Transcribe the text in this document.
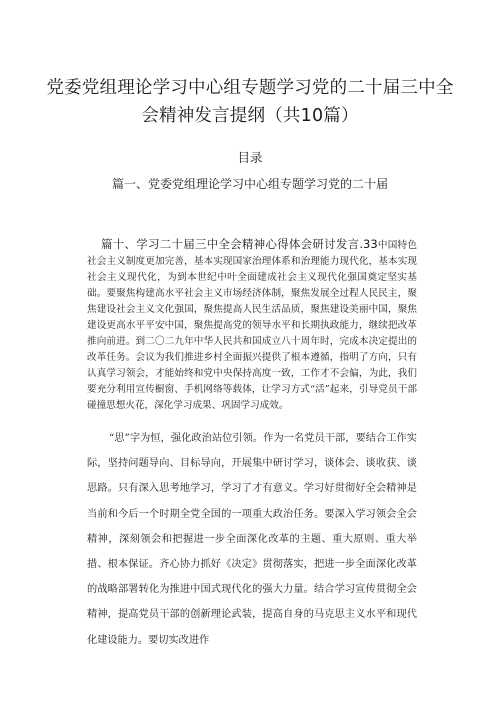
党委党组理论学习中心组专题学习党的二十届三中全会精神发言提纲（共10篇）
目录
篇一、党委党组理论学习中心组专题学习党的二十届
篇十、学习二十届三中全会精神心得体会研讨发言.33中国特色社会主义制度更加完善，基本实现国家治理体系和治理能力现代化，基本实现社会主义现代化，为到本世纪中叶全面建成社会主义现代化强国奠定坚实基础。要聚焦构建高水平社会主义市场经济体制，聚焦发展全过程人民民主，聚焦建设社会主义文化强国，聚焦提高人民生活品质，聚焦建设美丽中国，聚焦建设更高水平平安中国，聚焦提高党的领导水平和长期执政能力，继续把改革推向前进。到二〇二九年中华人民共和国成立八十周年时，完成本决定提出的改革任务。会议为我们推进乡村全面振兴提供了根本遵循，指明了方向，只有认真学习领会，才能始终和党中央保持高度一致，工作才不会偏，为此，我们要充分利用宣传橱窗、手机网络等载体，让学习方式“活”起来，引导党员干部碰撞思想火花，深化学习成果、巩固学习成效。
“思”字为恒，强化政治站位引领。作为一名党员干部，要结合工作实际，坚持问题导向、目标导向，开展集中研讨学习，谈体会、谈收获、谈思路。只有深入思考地学习，学习了才有意义。学习好贯彻好全会精神是当前和今后一个时期全党全国的一项重大政治任务。要深入学习领会全会精神，深刻领会和把握进一步全面深化改革的主题、重大原则、重大举措、根本保证。齐心协力抓好《决定》贯彻落实，把进一步全面深化改革的战略部署转化为推进中国式现代化的强大力量。结合学习宣传贯彻全会精神，提高党员干部的创新理论武装，提高自身的马克思主义水平和现代化建设能力。要切实改进作
